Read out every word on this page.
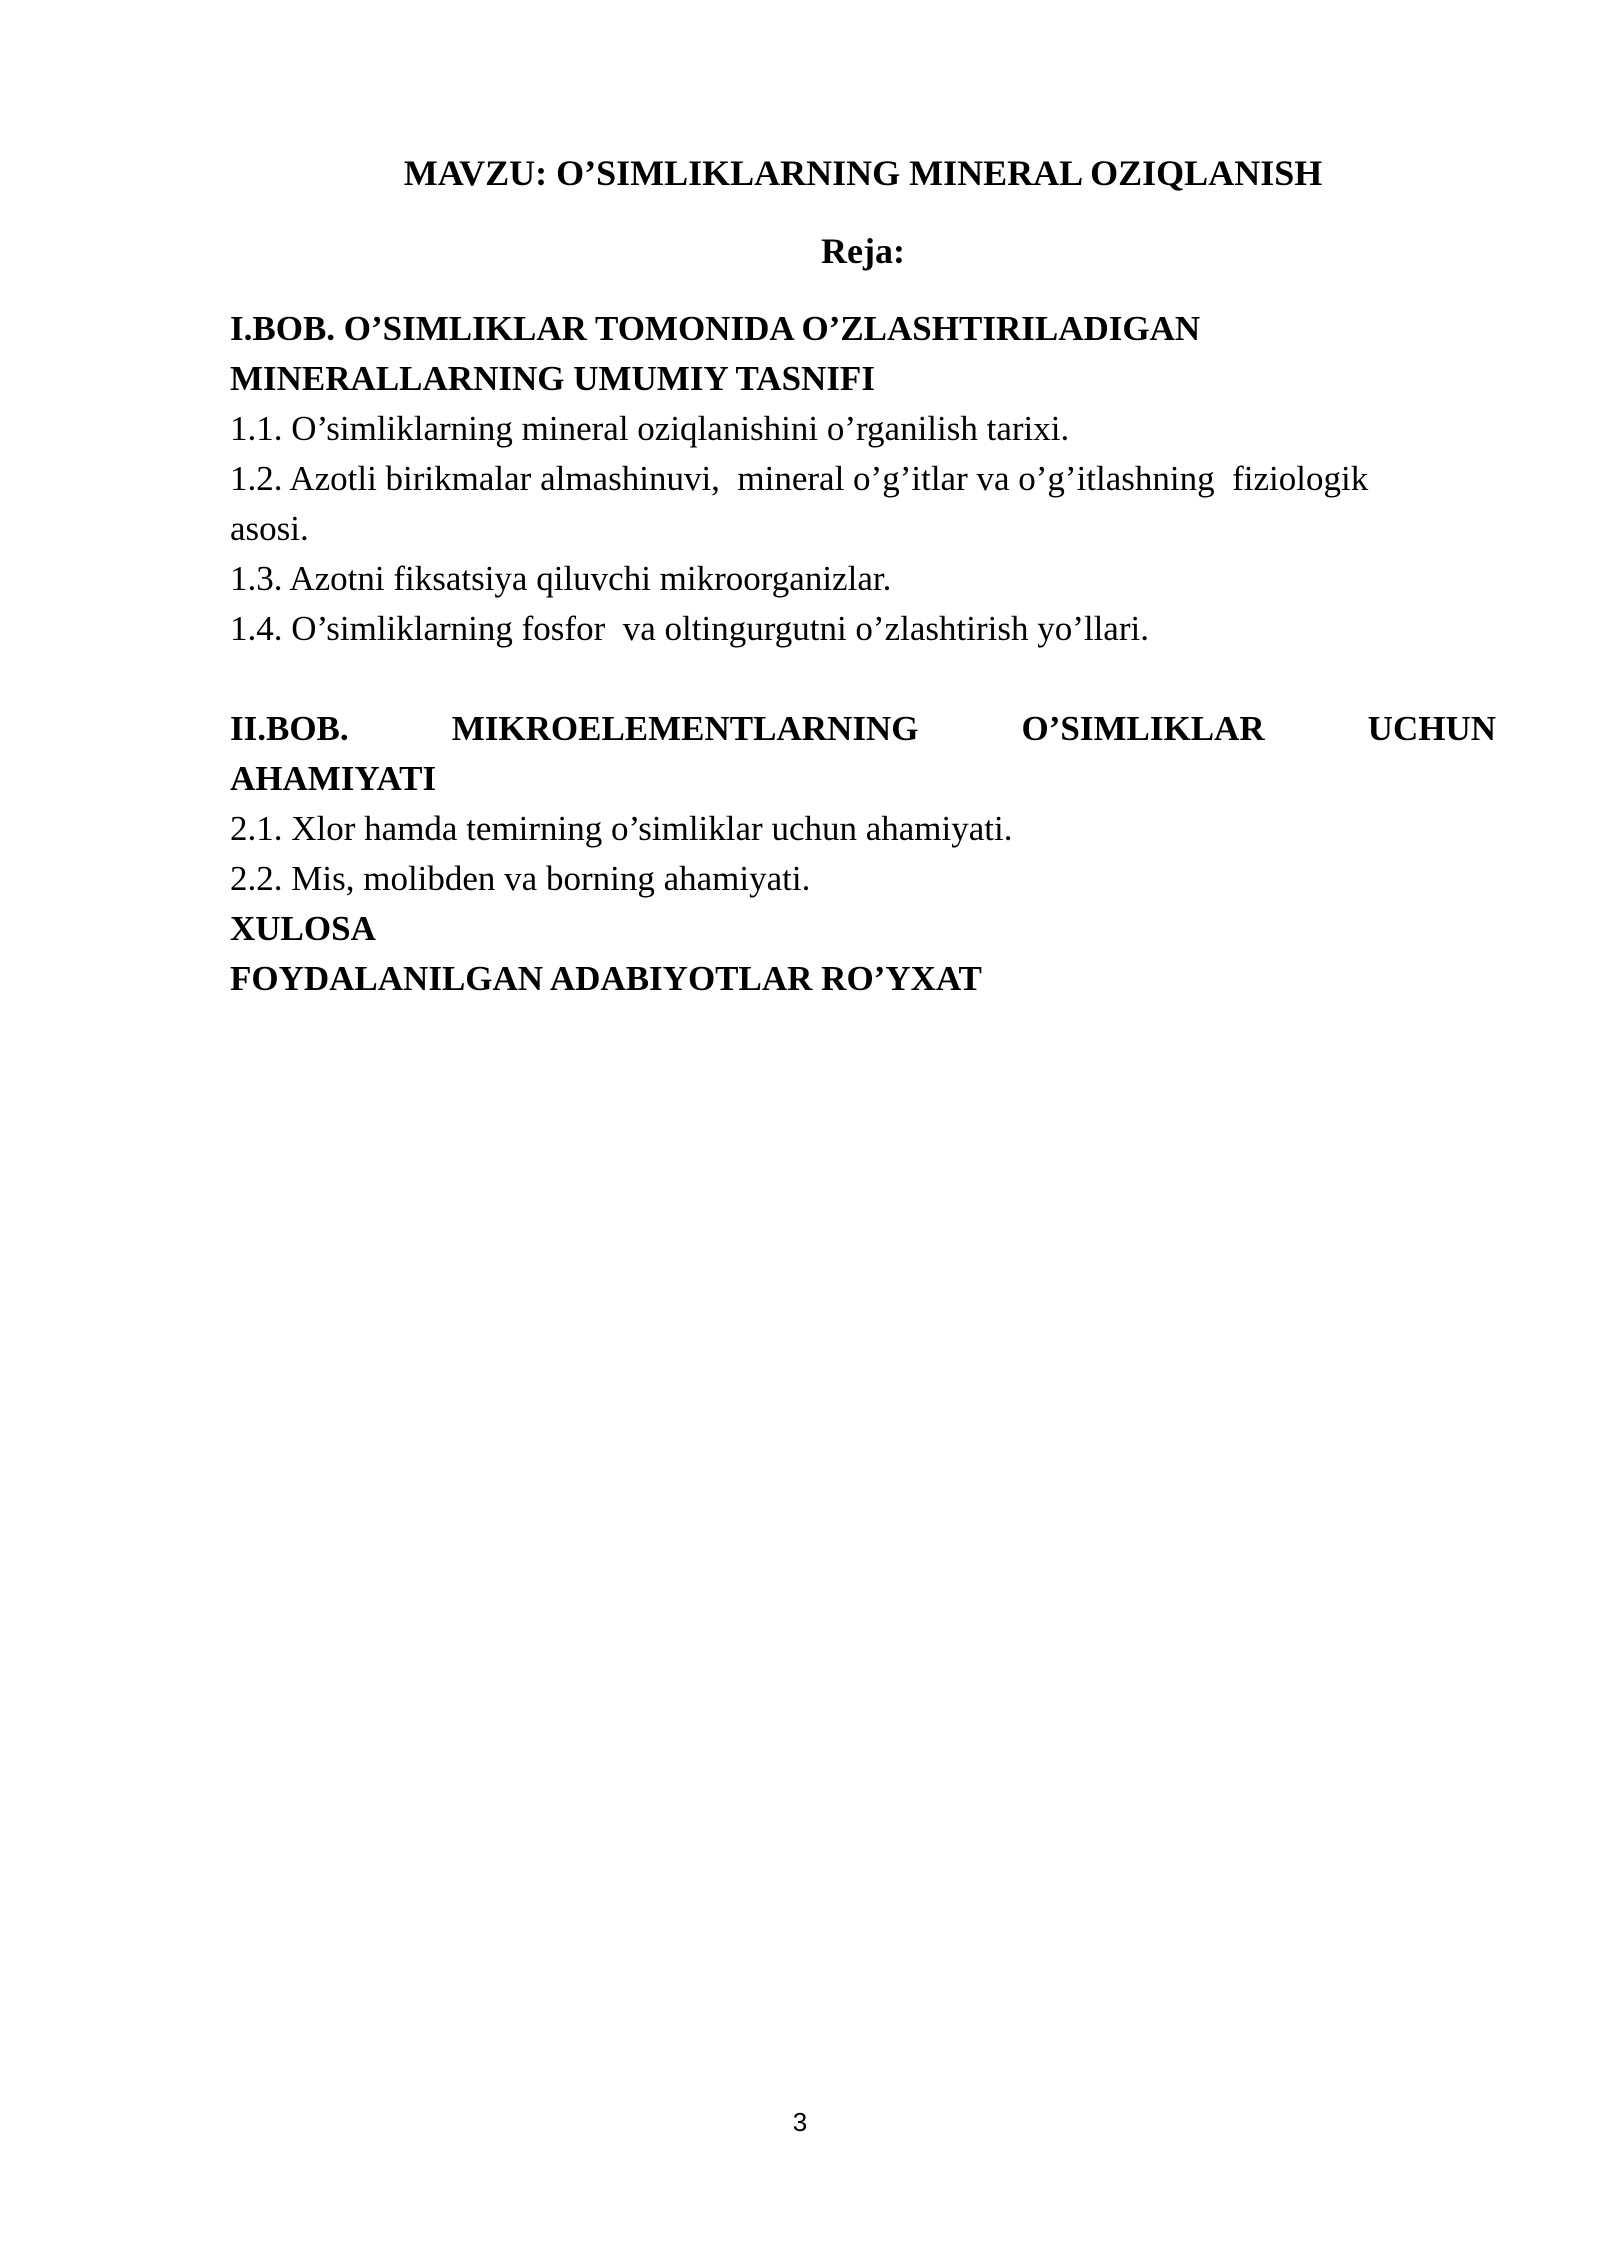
MAVZU: O’SIMLIKLARNING MINERAL OZIQLANISH
Reja:
I.BOB. O’SIMLIKLAR TOMONIDA O’ZLASHTIRILADIGAN
MINERALLARNING UMUMIY TASNIFI
1.1. O’simliklarning mineral oziqlanishini o’rganilish tarixi.
1.2. Azotli birikmalar almashinuvi,  mineral o’g’itlar va o’g’itlashning  fiziologik
asosi.
1.3. Azotni fiksatsiya qiluvchi mikroorganizlar.
1.4. O’simliklarning fosfor  va oltingurgutni o’zlashtirish yo’llari.
II.BOB. MIKROELEMENTLARNING O’SIMLIKLAR UCHUN
AHAMIYATI
2.1. Xlor hamda temirning o’simliklar uchun ahamiyati.
2.2. Mis, molibden va borning ahamiyati.
XULOSA
FOYDALANILGAN ADABIYOTLAR RO’YXAT
3
